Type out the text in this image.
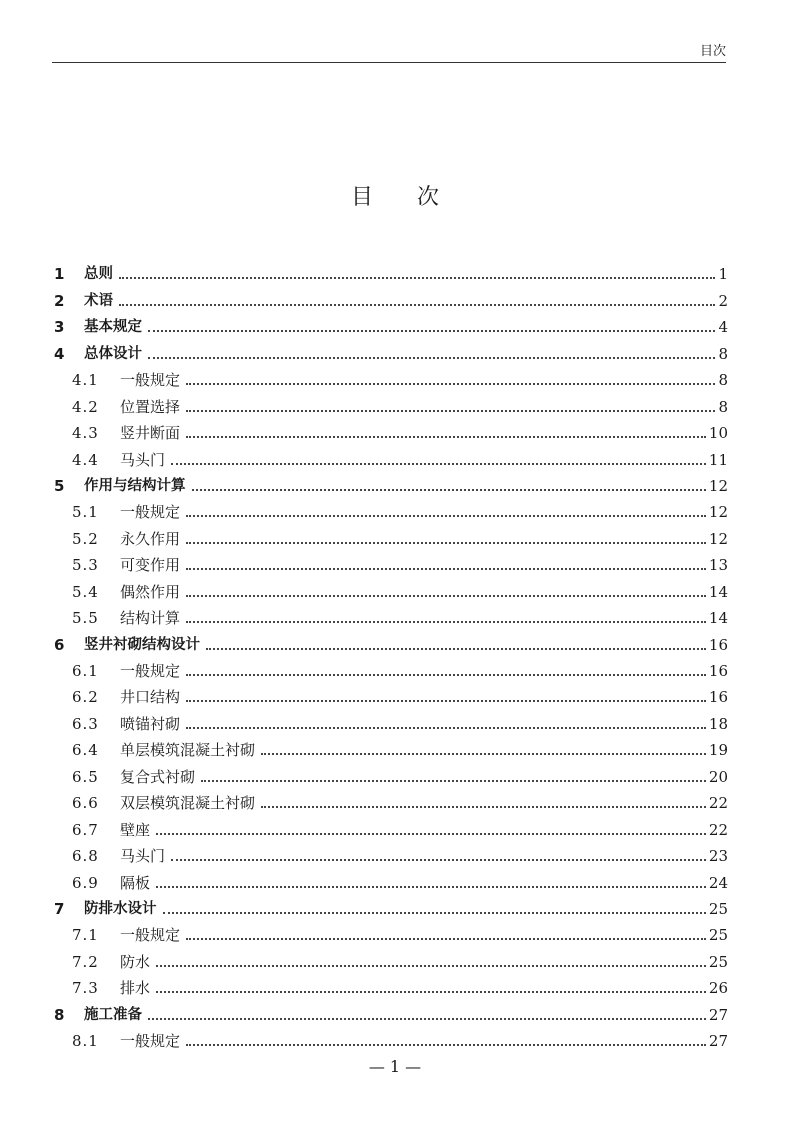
目次
目 次
1	总则	1
2	术语	2
3	基本规定	4
4	总体设计	8
4.1	一般规定	8
4.2	位置选择	8
4.3	竖井断面	10
4.4	马头门	11
5	作用与结构计算	12
5.1	一般规定	12
5.2	永久作用	12
5.3	可变作用	13
5.4	偶然作用	14
5.5	结构计算	14
6	竖井衬砌结构设计	16
6.1	一般规定	16
6.2	井口结构	16
6.3	喷锚衬砌	18
6.4	单层模筑混凝土衬砌	19
6.5	复合式衬砌	20
6.6	双层模筑混凝土衬砌	22
6.7	壁座	22
6.8	马头门	23
6.9	隔板	24
7	防排水设计	25
7.1	一般规定	25
7.2	防水	25
7.3	排水	26
8	施工准备	27
8.1	一般规定	27
— 1 —
